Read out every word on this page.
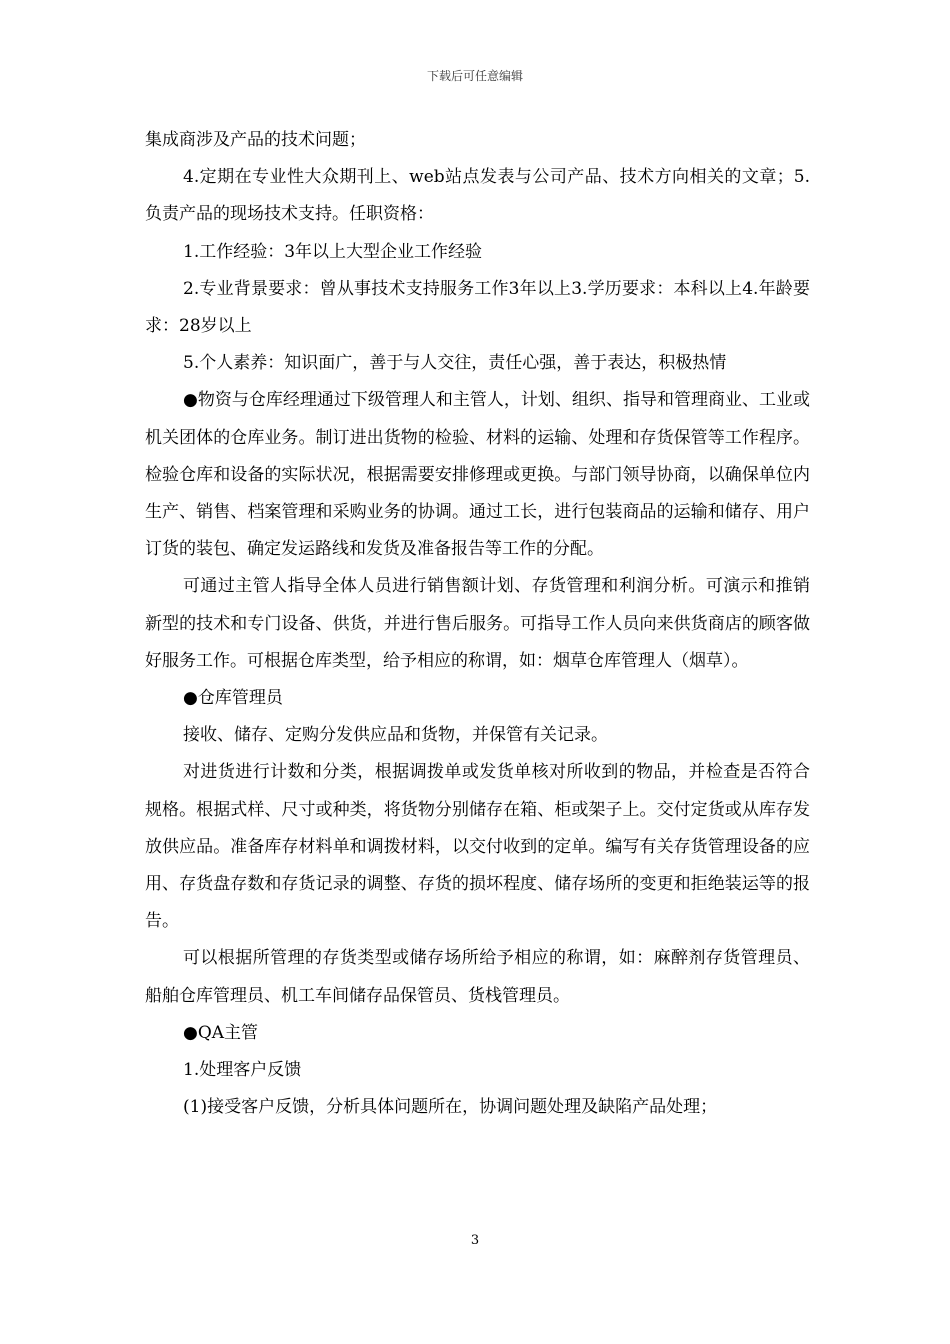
下载后可任意编辑

集成商涉及产品的技术问题；

4.定期在专业性大众期刊上、web站点发表与公司产品、技术方向相关的文章；5.负责产品的现场技术支持。任职资格：

1.工作经验：3年以上大型企业工作经验

2.专业背景要求：曾从事技术支持服务工作3年以上3.学历要求：本科以上4.年龄要求：28岁以上

5.个人素养：知识面广，善于与人交往，责任心强，善于表达，积极热情

●物资与仓库经理通过下级管理人和主管人，计划、组织、指导和管理商业、工业或机关团体的仓库业务。制订进出货物的检验、材料的运输、处理和存货保管等工作程序。检验仓库和设备的实际状况，根据需要安排修理或更换。与部门领导协商，以确保单位内生产、销售、档案管理和采购业务的协调。通过工长，进行包装商品的运输和储存、用户订货的装包、确定发运路线和发货及准备报告等工作的分配。

可通过主管人指导全体人员进行销售额计划、存货管理和利润分析。可演示和推销新型的技术和专门设备、供货，并进行售后服务。可指导工作人员向来供货商店的顾客做好服务工作。可根据仓库类型，给予相应的称谓，如：烟草仓库管理人（烟草）。

●仓库管理员

接收、储存、定购分发供应品和货物，并保管有关记录。

对进货进行计数和分类，根据调拨单或发货单核对所收到的物品，并检查是否符合规格。根据式样、尺寸或种类，将货物分别储存在箱、柜或架子上。交付定货或从库存发放供应品。准备库存材料单和调拨材料，以交付收到的定单。编写有关存货管理设备的应用、存货盘存数和存货记录的调整、存货的损坏程度、储存场所的变更和拒绝装运等的报告。

可以根据所管理的存货类型或储存场所给予相应的称谓，如：麻醉剂存货管理员、船舶仓库管理员、机工车间储存品保管员、货栈管理员。

●QA主管

1.处理客户反馈

(1)接受客户反馈，分析具体问题所在，协调问题处理及缺陷产品处理；

3
